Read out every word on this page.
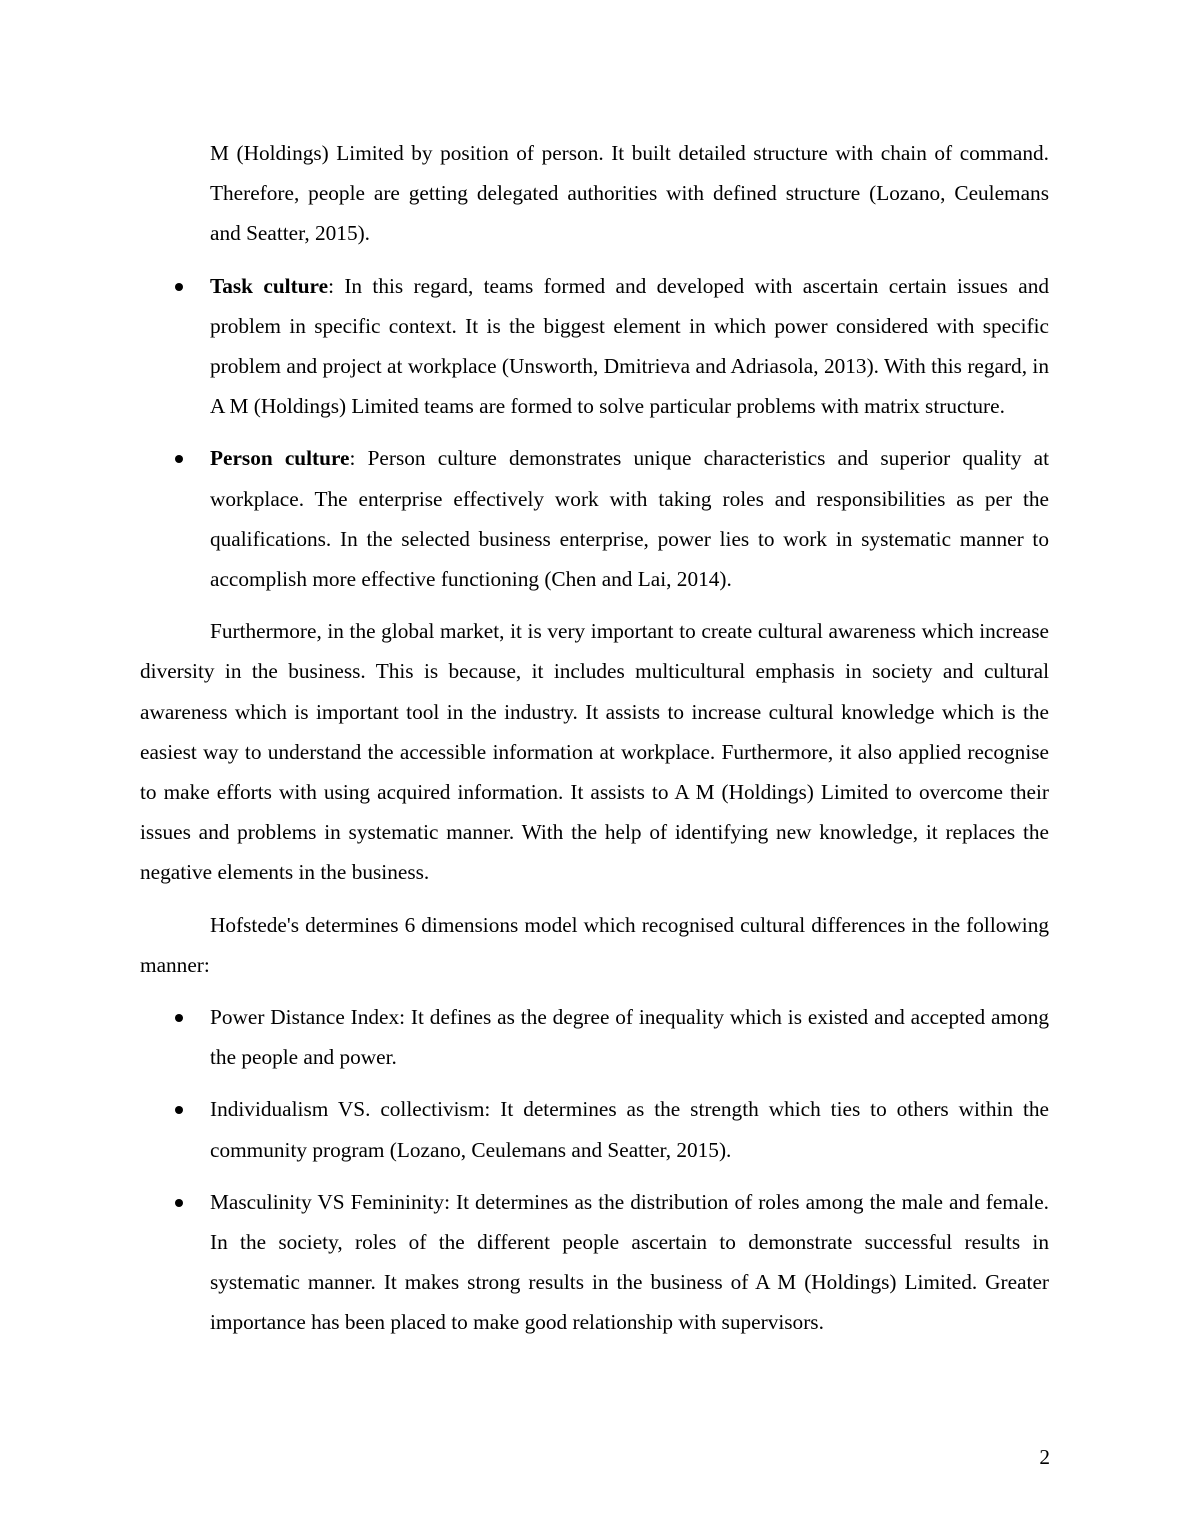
M (Holdings) Limited by position of person. It built detailed structure with chain of command. Therefore, people are getting delegated authorities with defined structure (Lozano, Ceulemans and Seatter, 2015).

Task culture: In this regard, teams formed and developed with ascertain certain issues and problem in specific context. It is the biggest element in which power considered with specific problem and project at workplace (Unsworth, Dmitrieva and Adriasola, 2013). With this regard, in A M (Holdings) Limited teams are formed to solve particular problems with matrix structure.
Person culture: Person culture demonstrates unique characteristics and superior quality at workplace. The enterprise effectively work with taking roles and responsibilities as per the qualifications. In the selected business enterprise, power lies to work in systematic manner to accomplish more effective functioning (Chen and Lai, 2014).

Furthermore, in the global market, it is very important to create cultural awareness which increase diversity in the business. This is because, it includes multicultural emphasis in society and cultural awareness which is important tool in the industry. It assists to increase cultural knowledge which is the easiest way to understand the accessible information at workplace. Furthermore, it also applied recognise to make efforts with using acquired information. It assists to A M (Holdings) Limited to overcome their issues and problems in systematic manner. With the help of identifying new knowledge, it replaces the negative elements in the business.

Hofstede's determines 6 dimensions model which recognised cultural differences in the following manner:

Power Distance Index: It defines as the degree of inequality which is existed and accepted among the people and power.
Individualism VS. collectivism: It determines as the strength which ties to others within the community program (Lozano, Ceulemans and Seatter, 2015).
Masculinity VS Femininity: It determines as the distribution of roles among the male and female. In the society, roles of the different people ascertain to demonstrate successful results in systematic manner. It makes strong results in the business of A M (Holdings) Limited. Greater importance has been placed to make good relationship with supervisors.
2
